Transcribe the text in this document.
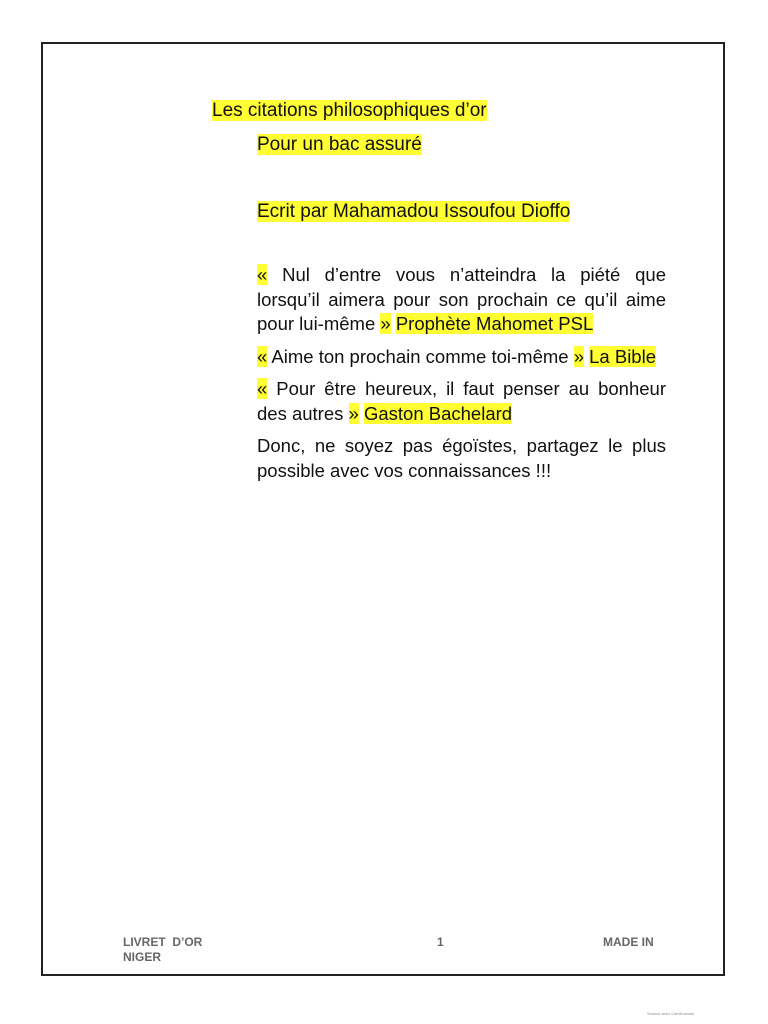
Les citations philosophiques d’or
Pour un bac assuré
Ecrit par Mahamadou Issoufou Dioffo

« Nul d’entre vous n’atteindra la piété que lorsqu’il aimera pour son prochain ce qu’il aime pour lui-même » Prophète Mahomet PSL

« Aime ton prochain comme toi-même » La Bible

« Pour être heureux, il faut penser au bonheur des autres » Gaston Bachelard

Donc, ne soyez pas égoïstes, partagez le plus possible avec vos connaissances !!!

LIVRET  D’OR
NIGER
1	MADE IN
Scanné avec CamScanner
